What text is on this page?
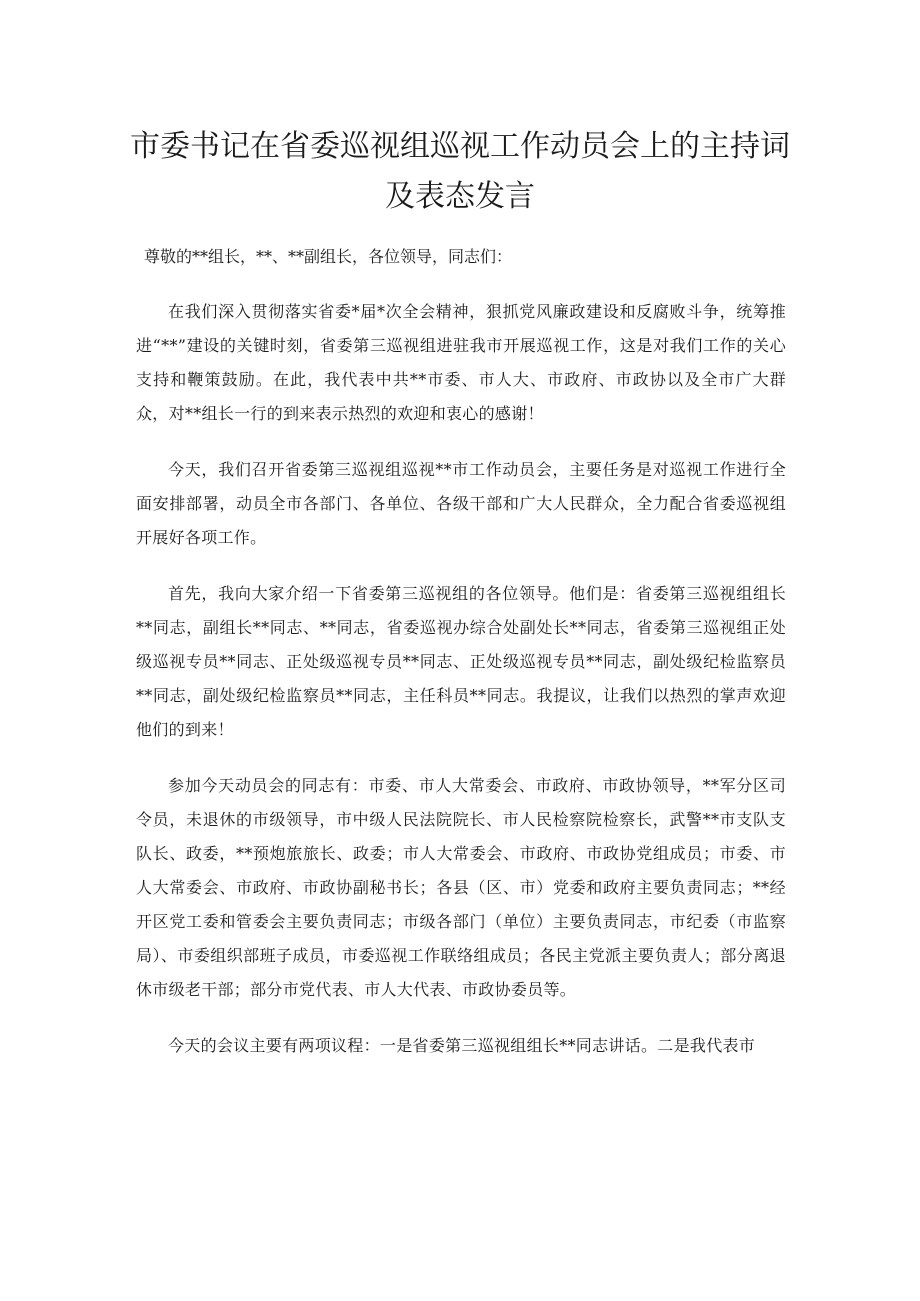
市委书记在省委巡视组巡视工作动员会上的主持词及表态发言

尊敬的**组长，**、**副组长，各位领导，同志们：

在我们深入贯彻落实省委*届*次全会精神，狠抓党风廉政建设和反腐败斗争，统筹推进“**”建设的关键时刻，省委第三巡视组进驻我市开展巡视工作，这是对我们工作的关心支持和鞭策鼓励。在此，我代表中共**市委、市人大、市政府、市政协以及全市广大群众，对**组长一行的到来表示热烈的欢迎和衷心的感谢！

今天，我们召开省委第三巡视组巡视**市工作动员会，主要任务是对巡视工作进行全面安排部署，动员全市各部门、各单位、各级干部和广大人民群众，全力配合省委巡视组开展好各项工作。

首先，我向大家介绍一下省委第三巡视组的各位领导。他们是：省委第三巡视组组长**同志，副组长**同志、**同志，省委巡视办综合处副处长**同志，省委第三巡视组正处级巡视专员**同志、正处级巡视专员**同志、正处级巡视专员**同志，副处级纪检监察员**同志，副处级纪检监察员**同志，主任科员**同志。我提议，让我们以热烈的掌声欢迎他们的到来！

参加今天动员会的同志有：市委、市人大常委会、市政府、市政协领导，**军分区司令员，未退休的市级领导，市中级人民法院院长、市人民检察院检察长，武警**市支队支队长、政委，**预炮旅旅长、政委；市人大常委会、市政府、市政协党组成员；市委、市人大常委会、市政府、市政协副秘书长；各县（区、市）党委和政府主要负责同志；**经开区党工委和管委会主要负责同志；市级各部门（单位）主要负责同志，市纪委（市监察局）、市委组织部班子成员，市委巡视工作联络组成员；各民主党派主要负责人；部分离退休市级老干部；部分市党代表、市人大代表、市政协委员等。

今天的会议主要有两项议程：一是省委第三巡视组组长**同志讲话。二是我代表市
